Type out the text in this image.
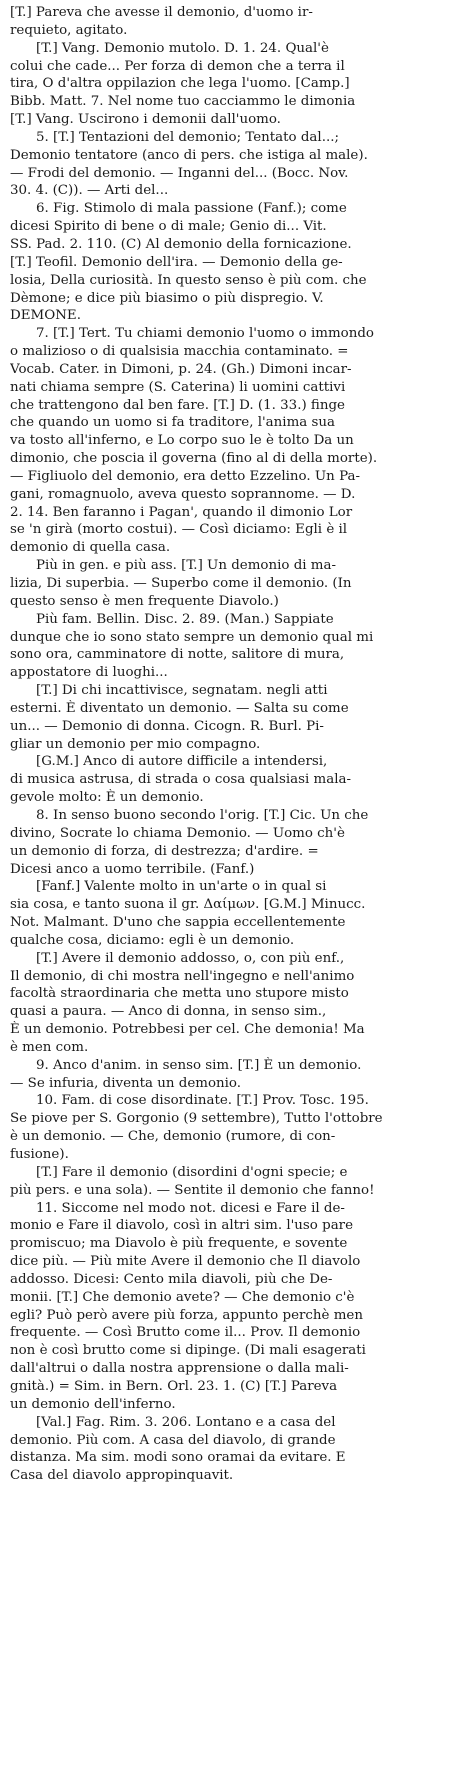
[T.] Pareva che avesse il demonio, d'uomo ir-
requieto, agitato.
[T.] Vang. Demonio mutolo. D. 1. 24. Qual'è
colui che cade... Per forza di demon che a terra il
tira, O d'altra oppilazion che lega l'uomo. [Camp.]
Bibb. Matt. 7. Nel nome tuo cacciammo le dimonia
[T.] Vang. Uscirono i demonii dall'uomo.
5. [T.] Tentazioni del demonio; Tentato dal...;
Demonio tentatore (anco di pers. che istiga al male).
— Frodi del demonio. — Inganni del... (Bocc. Nov.
30. 4. (C)). — Arti del...
6. Fig. Stimolo di mala passione (Fanf.); come
dicesi Spirito di bene o di male; Genio di... Vit.
SS. Pad. 2. 110. (C) Al demonio della fornicazione.
[T.] Teofil. Demonio dell'ira. — Demonio della ge-
losia, Della curiosità. In questo senso è più com. che
Dèmone; e dice più biasimo o più dispregio. V.
DEMONE.
7. [T.] Tert. Tu chiami demonio l'uomo o immondo
o malizioso o di qualsisia macchia contaminato. =
Vocab. Cater. in Dimoni, p. 24. (Gh.) Dimoni incar-
nati chiama sempre (S. Caterina) li uomini cattivi
che trattengono dal ben fare. [T.] D. (1. 33.) finge
che quando un uomo si fa traditore, l'anima sua
va tosto all'inferno, e Lo corpo suo le è tolto Da un
dimonio, che poscia il governa (fino al di della morte).
— Figliuolo del demonio, era detto Ezzelino. Un Pa-
gani, romagnuolo, aveva questo soprannome. — D.
2. 14. Ben faranno i Pagan', quando il dimonio Lor
se 'n girà (morto costui). — Così diciamo: Egli è il
demonio di quella casa.
Più in gen. e più ass. [T.] Un demonio di ma-
lizia, Di superbia. — Superbo come il demonio. (In
questo senso è men frequente Diavolo.)
Più fam. Bellin. Disc. 2. 89. (Man.) Sappiate
dunque che io sono stato sempre un demonio qual mi
sono ora, camminatore di notte, salitore di mura,
appostatore di luoghi...
[T.] Di chi incattivisce, segnatam. negli atti
esterni. È diventato un demonio. — Salta su come
un... — Demonio di donna. Cicogn. R. Burl. Pi-
gliar un demonio per mio compagno.
[G.M.] Anco di autore difficile a intendersi,
di musica astrusa, di strada o cosa qualsiasi mala-
gevole molto: È un demonio.
8. In senso buono secondo l'orig. [T.] Cic. Un che
divino, Socrate lo chiama Demonio. — Uomo ch'è
un demonio di forza, di destrezza; d'ardire. =
Dicesi anco a uomo terribile. (Fanf.)
[Fanf.] Valente molto in un'arte o in qual si
sia cosa, e tanto suona il gr. Δαίμων. [G.M.] Minucc.
Not. Malmant. D'uno che sappia eccellentemente
qualche cosa, diciamo: egli è un demonio.
[T.] Avere il demonio addosso, o, con più enf.,
Il demonio, di chi mostra nell'ingegno e nell'animo
facoltà straordinaria che metta uno stupore misto
quasi a paura. — Anco di donna, in senso sim.,
È un demonio. Potrebbesi per cel. Che demonia! Ma
è men com.
9. Anco d'anim. in senso sim. [T.] È un demonio.
— Se infuria, diventa un demonio.
10. Fam. di cose disordinate. [T.] Prov. Tosc. 195.
Se piove per S. Gorgonio (9 settembre), Tutto l'ottobre
è un demonio. — Che, demonio (rumore, di con-
fusione).
[T.] Fare il demonio (disordini d'ogni specie; e
più pers. e una sola). — Sentite il demonio che fanno!
11. Siccome nel modo not. dicesi e Fare il de-
monio e Fare il diavolo, così in altri sim. l'uso pare
promiscuo; ma Diavolo è più frequente, e sovente
dice più. — Più mite Avere il demonio che Il diavolo
addosso. Dicesi: Cento mila diavoli, più che De-
monii. [T.] Che demonio avete? — Che demonio c'è
egli? Può però avere più forza, appunto perchè men
frequente. — Così Brutto come il... Prov. Il demonio
non è così brutto come si dipinge. (Di mali esagerati
dall'altrui o dalla nostra apprensione o dalla mali-
gnità.) = Sim. in Bern. Orl. 23. 1. (C) [T.] Pareva
un demonio dell'inferno.
[Val.] Fag. Rim. 3. 206. Lontano e a casa del
demonio. Più com. A casa del diavolo, di grande
distanza. Ma sim. modi sono oramai da evitare. E
Casa del diavolo appropinquavit.
